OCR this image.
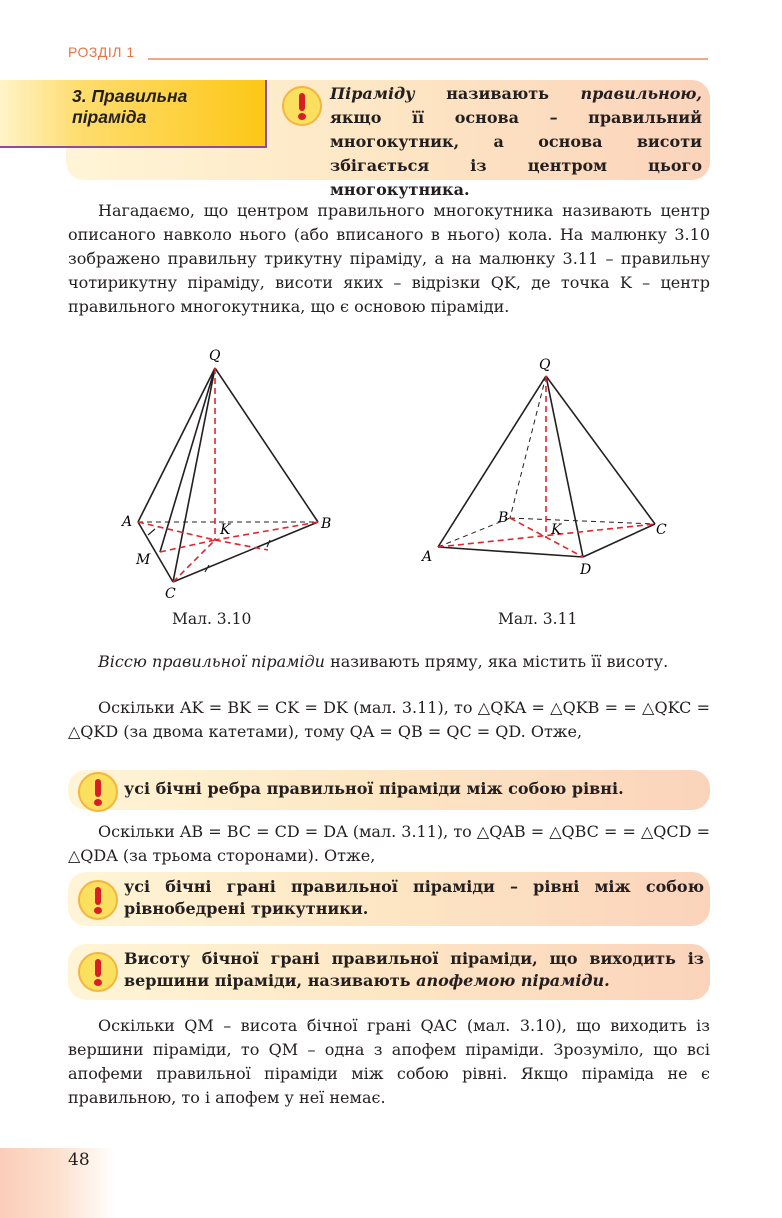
РОЗДІЛ 1
3. Правильна піраміда
Піраміду називають правильною, якщо її основа – правильний многокутник, а основа висоти збігається із центром цього многокутника.
Нагадаємо, що центром правильного многокутника називають центр описаного навколо нього (або вписаного в нього) кола. На малюнку 3.10 зображено правильну трикутну піраміду, а на малюнку 3.11 – правильну чотирикутну піраміду, висоти яких – відрізки QK, де точка K – центр правильного многокутника, що є основою піраміди.
Q
A	B
C
K
M
Мал. 3.10
Q
A
B
C
D
K
Мал. 3.11
Віссю правильної піраміди називають пряму, яка містить її висоту.
Оскільки AK = BK = CK = DK (мал. 3.11), то △QKA = △QKB = = △QKC = △QKD (за двома катетами), тому QA = QB = QC = QD. Отже,
усі бічні ребра правильної піраміди між собою рівні.
Оскільки AB = BC = CD = DA (мал. 3.11), то △QAB = △QBC = = △QCD = △QDA (за трьома сторонами). Отже,
усі бічні грані правильної піраміди – рівні між собою рівнобедрені трикутники.
Висоту бічної грані правильної піраміди, що виходить із вершини піраміди, називають апофемою піраміди.
Оскільки QM – висота бічної грані QAC (мал. 3.10), що виходить із вершини піраміди, то QM – одна з апофем піраміди. Зрозуміло, що всі апофеми правильної піраміди між собою рівні. Якщо піраміда не є правильною, то і апофем у неї немає.
48
